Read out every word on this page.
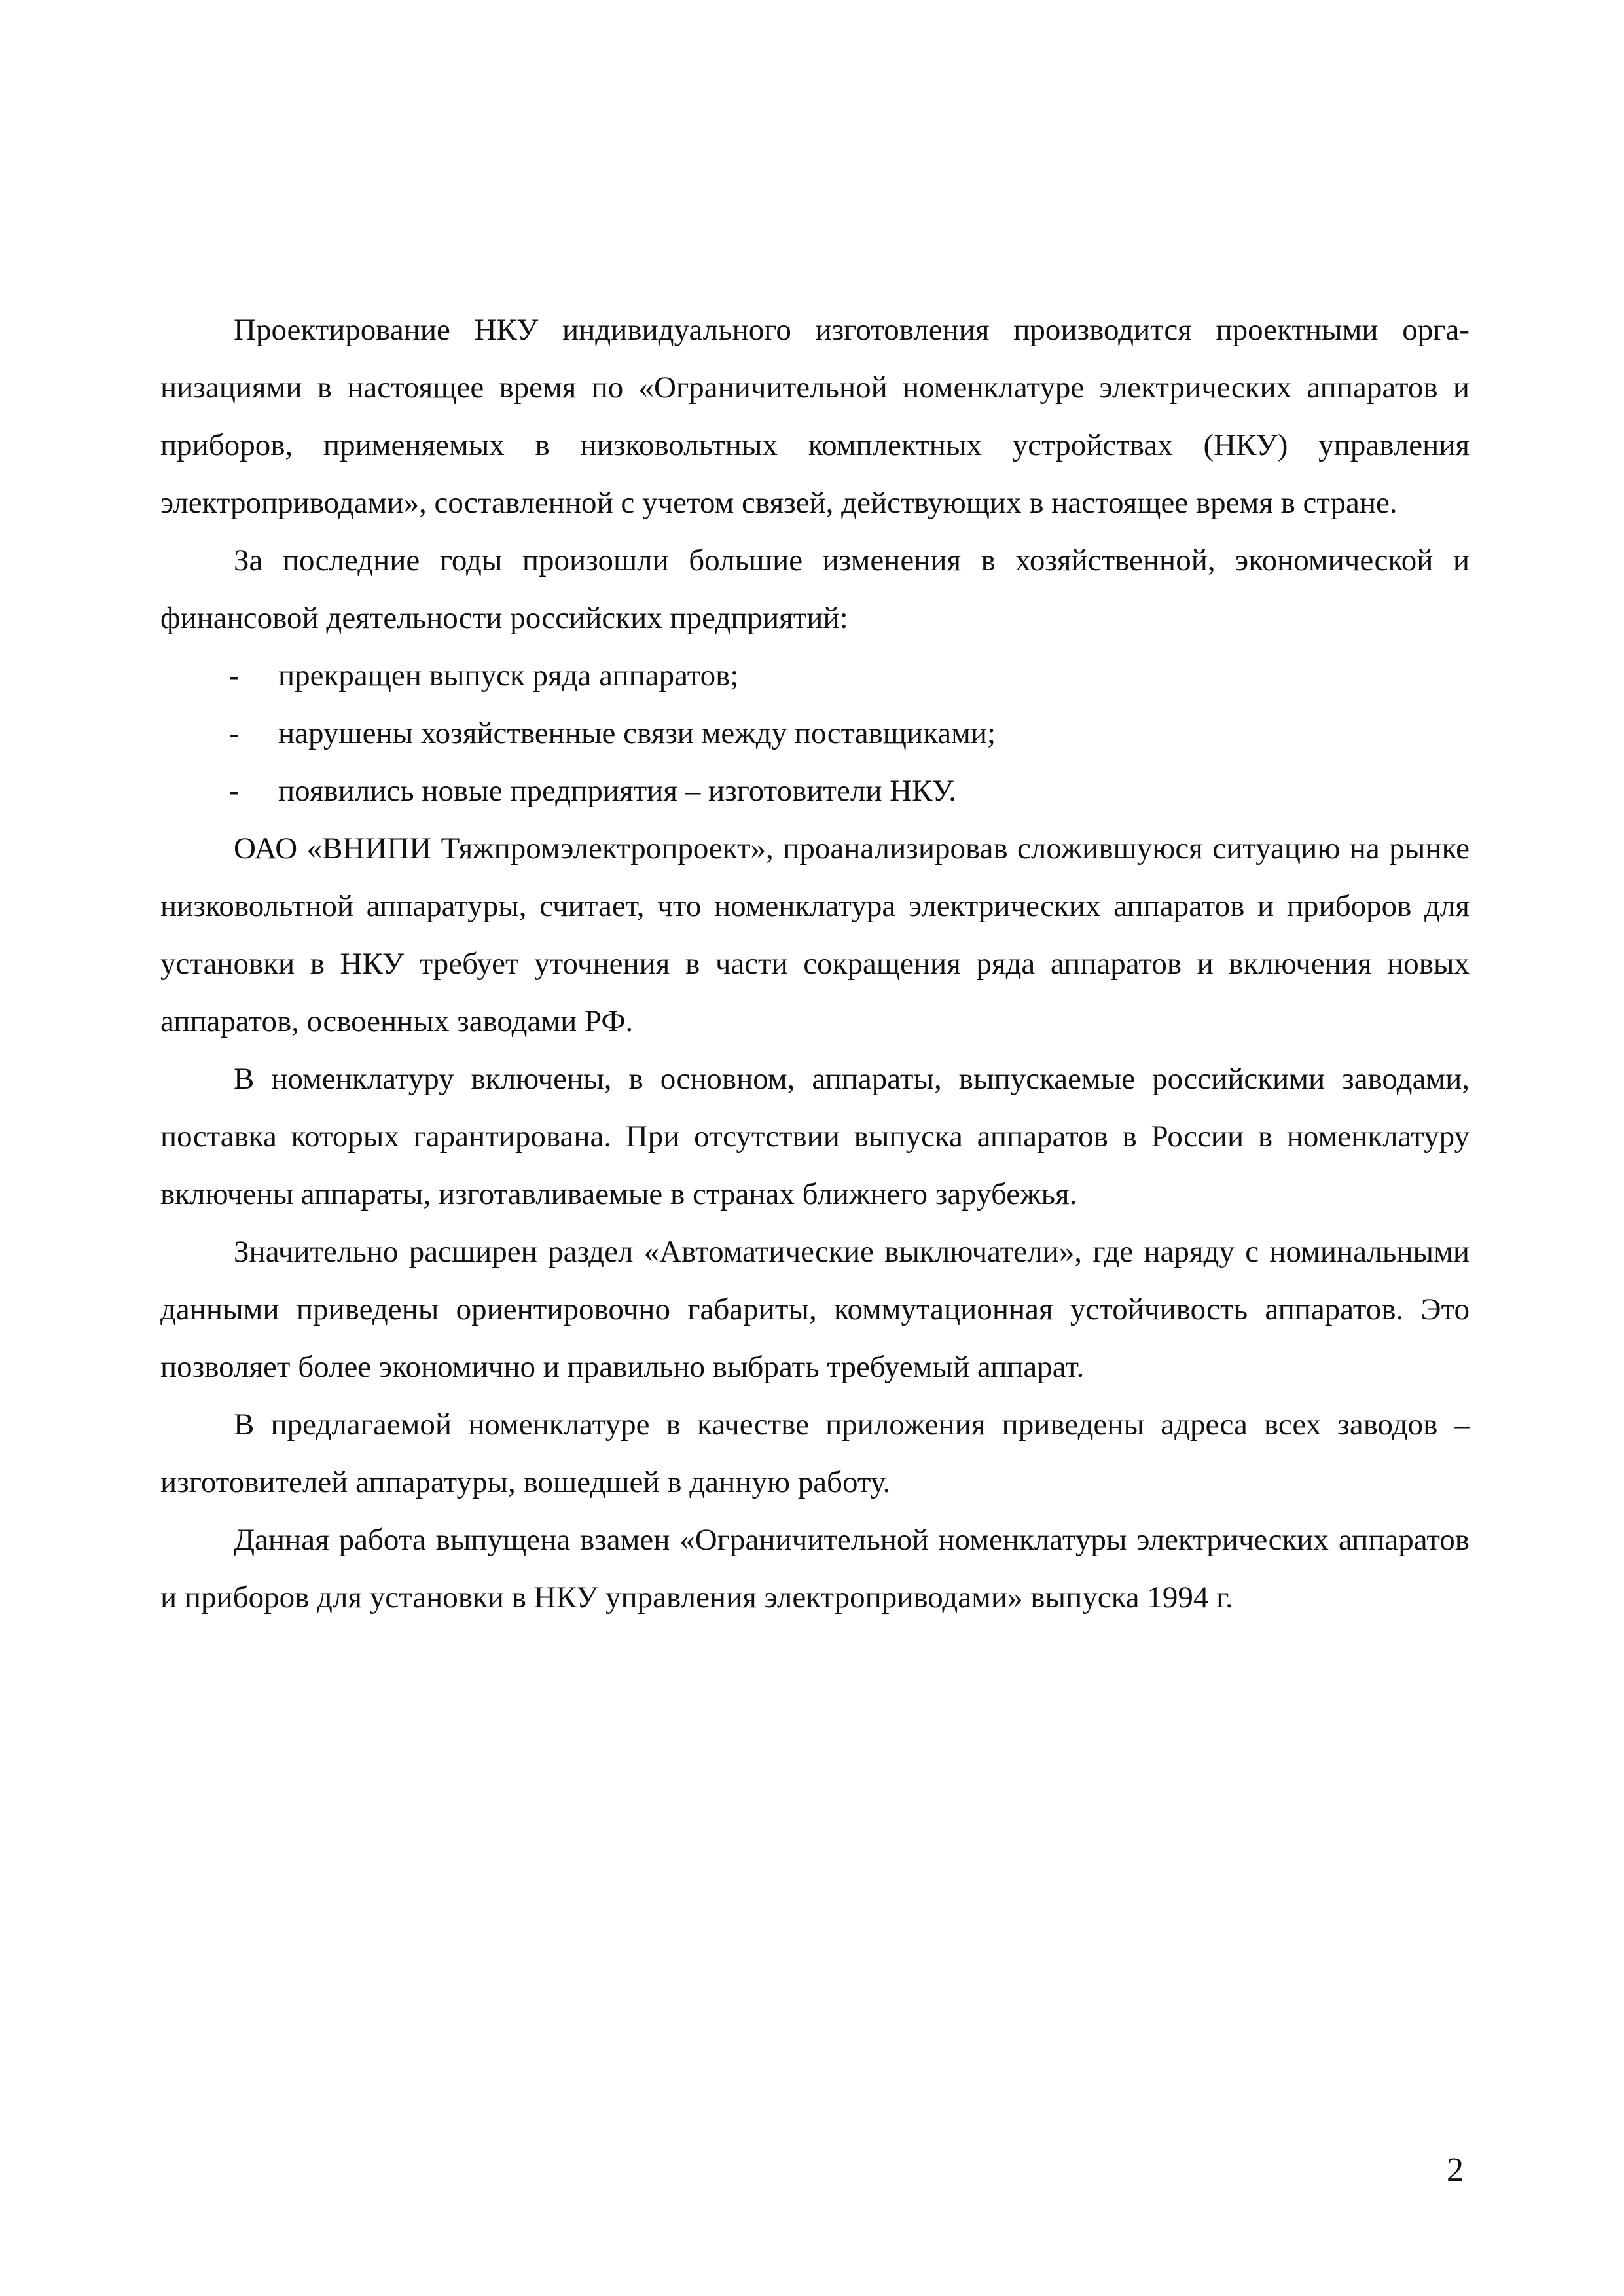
Проектирование НКУ индивидуального изготовления производится проектными организациями в настоящее время по «Ограничительной номенклатуре электрических аппаратов и приборов, применяемых в низковольтных комплектных устройствах (НКУ) управления электроприводами», составленной с учетом связей, действующих в настоящее время в стране.

За последние годы произошли большие изменения в хозяйственной, экономической и финансовой деятельности российских предприятий:

- прекращен выпуск ряда аппаратов;
- нарушены хозяйственные связи между поставщиками;
- появились новые предприятия – изготовители НКУ.

ОАО «ВНИПИ Тяжпромэлектропроект», проанализировав сложившуюся ситуацию на рынке низковольтной аппаратуры, считает, что номенклатура электрических аппаратов и приборов для установки в НКУ требует уточнения в части сокращения ряда аппаратов и включения новых аппаратов, освоенных заводами РФ.

В номенклатуру включены, в основном, аппараты, выпускаемые российскими заводами, поставка которых гарантирована. При отсутствии выпуска аппаратов в России в номенклатуру включены аппараты, изготавливаемые в странах ближнего зарубежья.

Значительно расширен раздел «Автоматические выключатели», где наряду с номинальными данными приведены ориентировочно габариты, коммутационная устойчивость аппаратов. Это позволяет более экономично и правильно выбрать требуемый аппарат.

В предлагаемой номенклатуре в качестве приложения приведены адреса всех заводов – изготовителей аппаратуры, вошедшей в данную работу.

Данная работа выпущена взамен «Ограничительной номенклатуры электрических аппаратов и приборов для установки в НКУ управления электроприводами» выпуска 1994 г.

2
